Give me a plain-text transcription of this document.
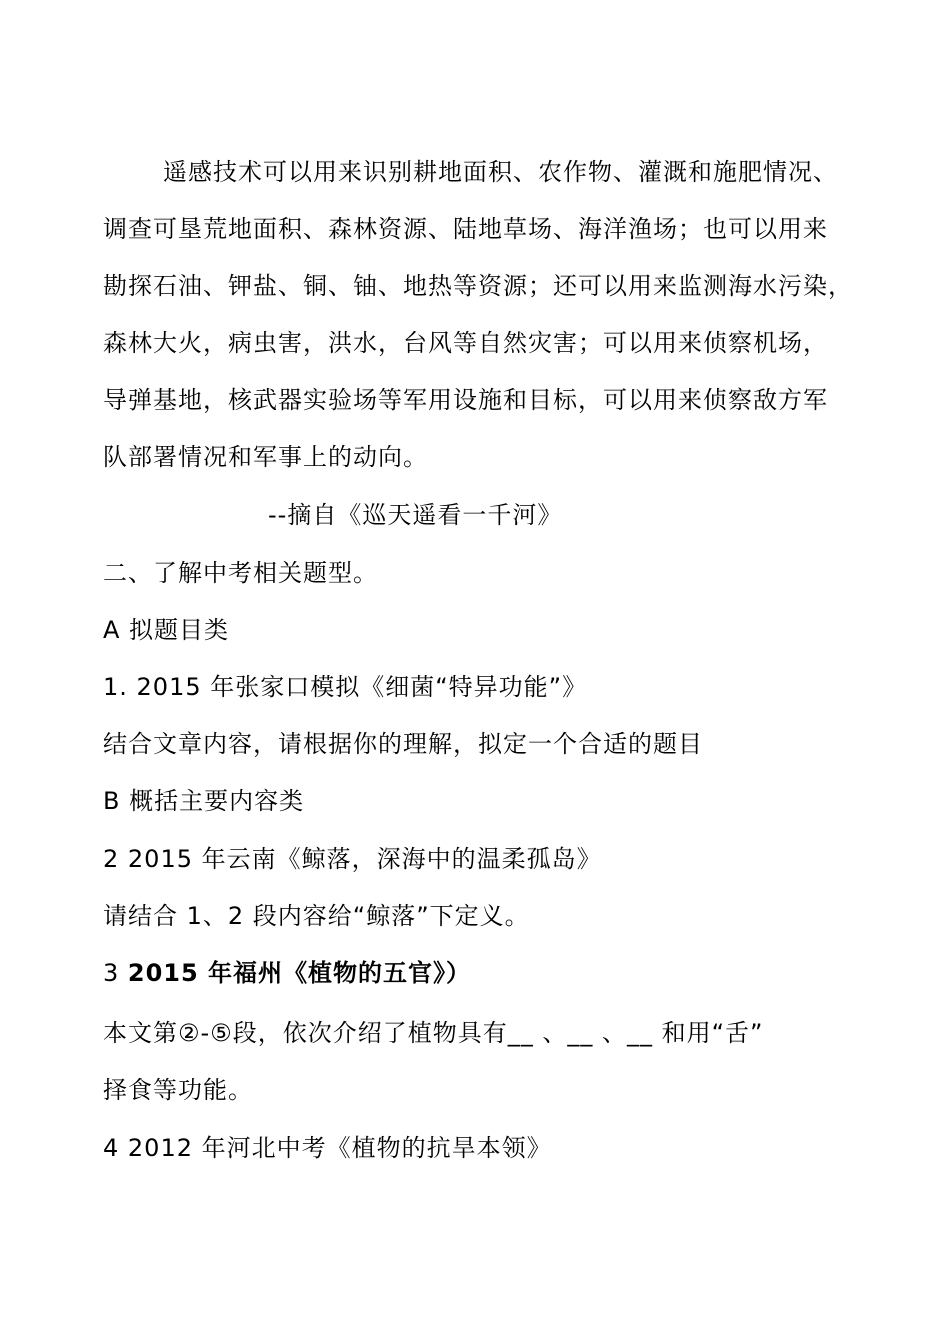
遥感技术可以用来识别耕地面积、农作物、灌溉和施肥情况、
调查可垦荒地面积、森林资源、陆地草场、海洋渔场；也可以用来
勘探石油、钾盐、铜、铀、地热等资源；还可以用来监测海水污染，
森林大火，病虫害，洪水，台风等自然灾害；可以用来侦察机场，
导弹基地，核武器实验场等军用设施和目标，可以用来侦察敌方军
队部署情况和军事上的动向。
--摘自《巡天遥看一千河》
二、了解中考相关题型。
A 拟题目类
1. 2015 年张家口模拟《细菌“特异功能”》
结合文章内容，请根据你的理解，拟定一个合适的题目
B 概括主要内容类
2 2015 年云南《鲸落，深海中的温柔孤岛》
请结合 1、2 段内容给“鲸落”下定义。
3 2015 年福州《植物的五官》）
本文第②-⑤段，依次介绍了植物具有__ 、__ 、__ 和用“舌”
择食等功能。
4 2012 年河北中考《植物的抗旱本领》
